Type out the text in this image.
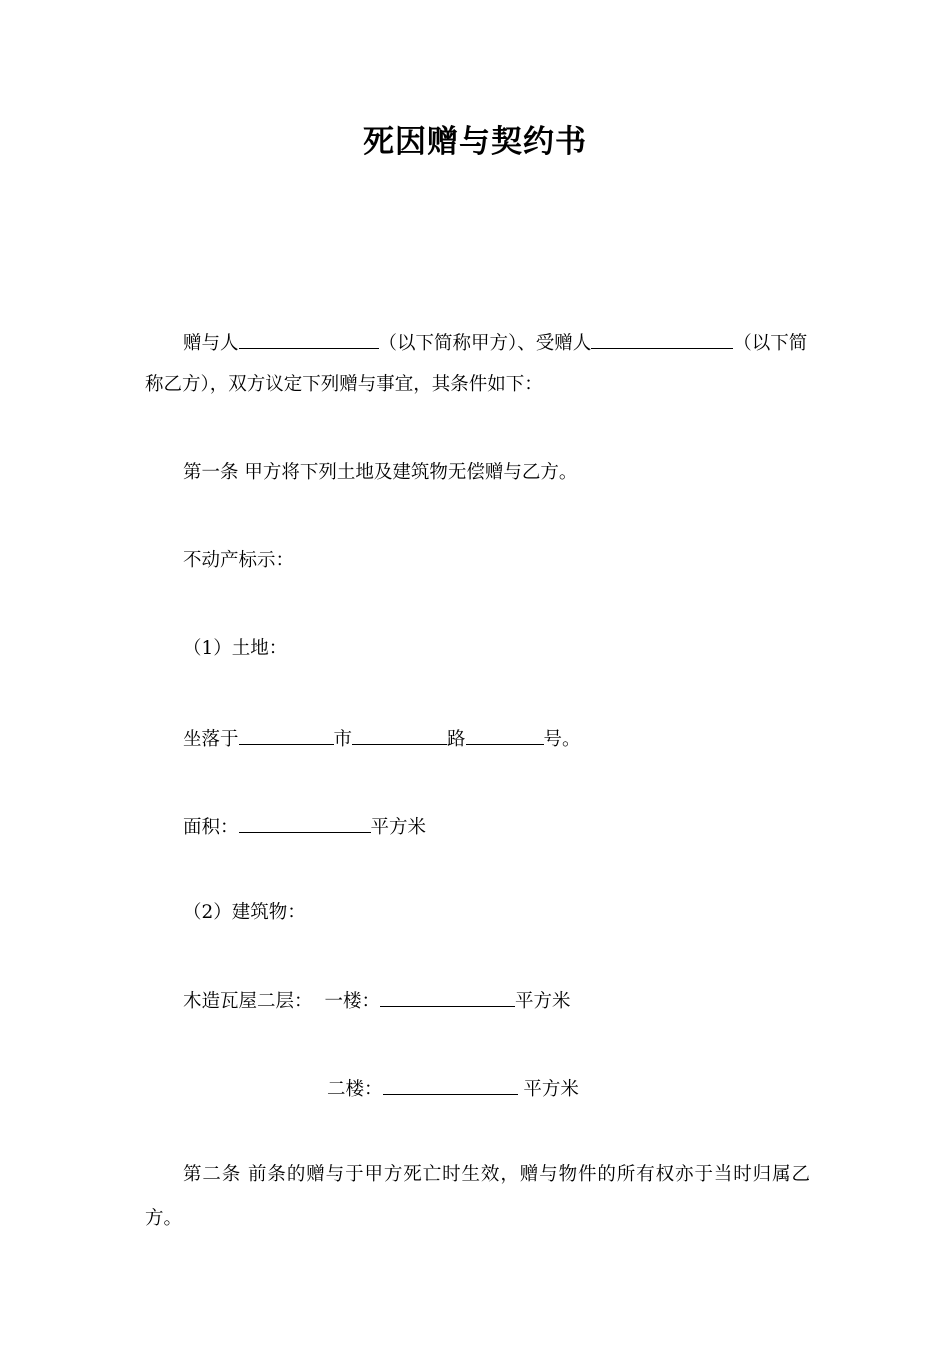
死因赠与契约书
赠与人	（以下简称甲方）、受赠人	（以下简
称乙方），双方议定下列赠与事宜，其条件如下：
第一条 甲方将下列土地及建筑物无偿赠与乙方。
不动产标示：
（1）土地：
坐落于	市	路	号。
面积：	平方米
（2）建筑物：
木造瓦屋二层： 一楼：	平方米
二楼：	平方米
第二条 前条的赠与于甲方死亡时生效，赠与物件的所有权亦于当时归属乙方。
